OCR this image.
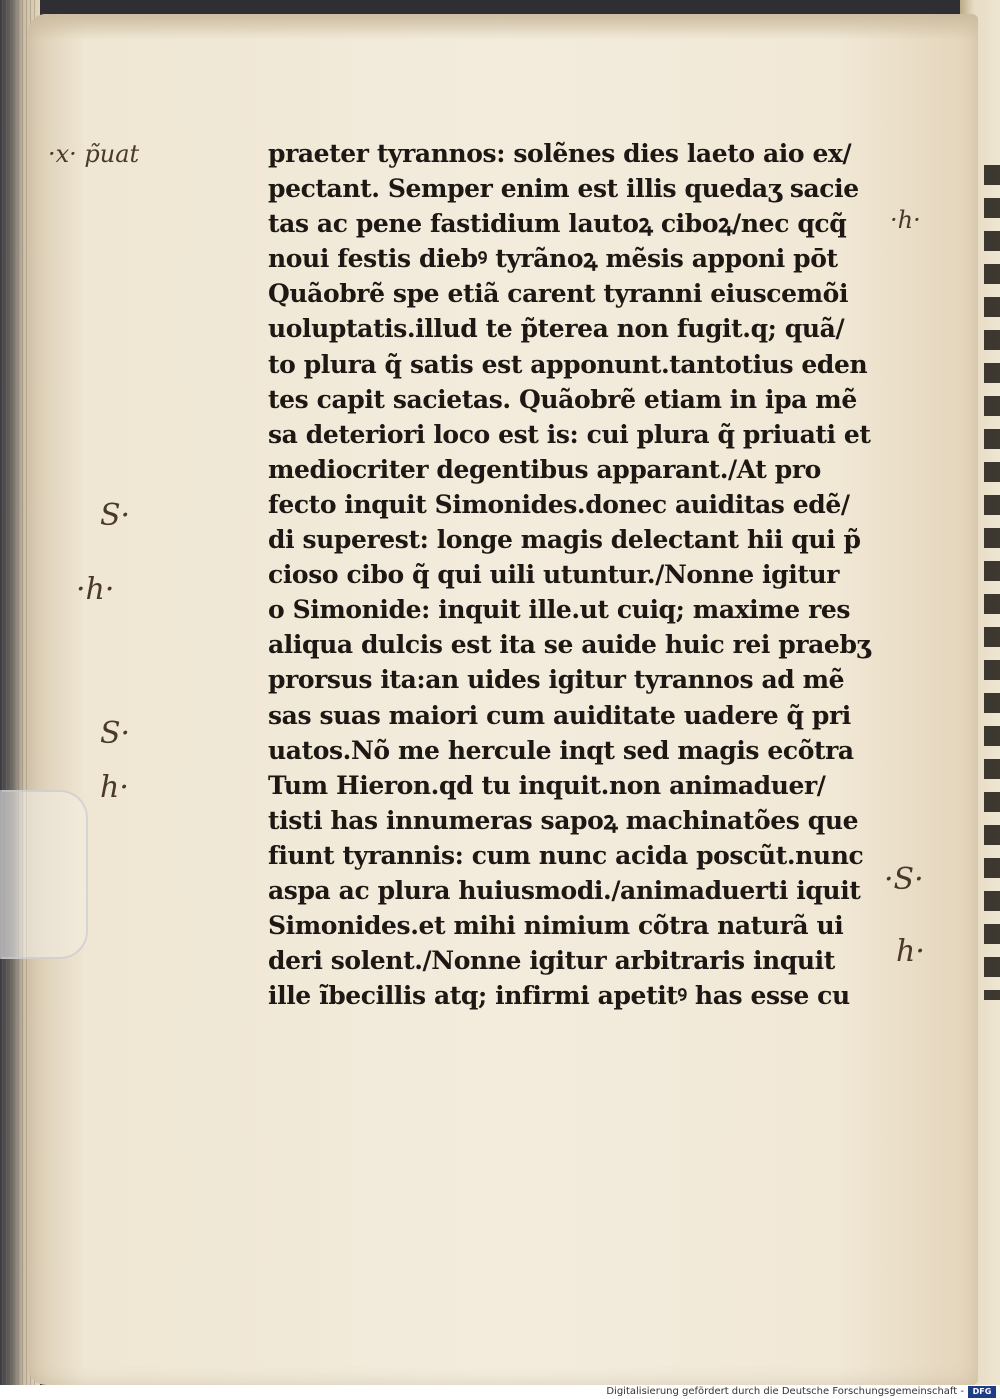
praeter tyrannos: solẽnes dies laeto aio ex/
pectant. Semper enim est illis quedaʒ sacie
tas ac pene fastidium lautoꝝ ciboꝝ/nec qcq̃
noui festis diebꝰ tyrãnoꝝ mẽsis apponi pōt
Quãobrẽ spe etiã carent tyranni eiuscemõi
uoluptatis.illud te p̃terea non fugit.q; quã/
to plura q̃ satis est apponunt.tantotius eden
tes capit sacietas. Quãobrẽ etiam in ipa mẽ
sa deteriori loco est is: cui plura q̃ priuati et
mediocriter degentibus apparant./At pro
fecto inquit Simonides.donec auiditas edẽ/
di superest: longe magis delectant hii qui p̃
cioso cibo q̃ qui uili utuntur./Nonne igitur
o Simonide: inquit ille.ut cuiq; maxime res
aliqua dulcis est ita se auide huic rei praebʒ
prorsus ita:an uides igitur tyrannos ad mẽ
sas suas maiori cum auiditate uadere q̃ pri
uatos.Nõ me hercule inqt sed magis ecõtra
Tum Hieron.qd tu inquit.non animaduer/
tisti has innumeras sapoꝝ machinatões que
fiunt tyrannis: cum nunc acida poscũt.nunc
aspa ac plura huiusmodi./animaduerti iquit
Simonides.et mihi nimium cõtra naturã ui
deri solent./Nonne igitur arbitraris inquit
ille ĩbecillis atq; infirmi apetitꝰ has esse cu
·x· p̃uat
S·
·h·
S·
h·
·h·
·S·
h·
Digitalisierung gefördert durch die Deutsche Forschungsgemeinschaft -	DFG
